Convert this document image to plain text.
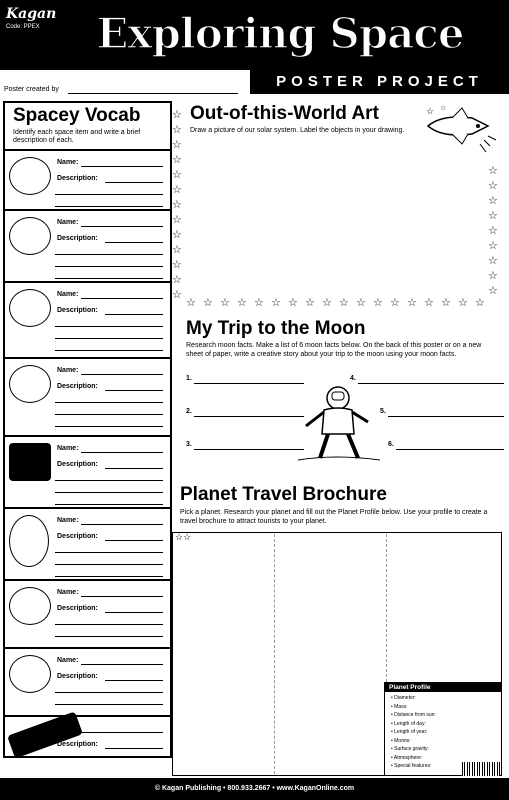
Kagan
Code: PPEX	Exploring Space
POSTER PROJECT
Poster created by
Spacey Vocab
Identify each space item and write a brief description of each.
Name:
Description:
Name:
Description:
Name:
Description:
Name:
Description:
Name:
Description:
Name:
Description:
Name:
Description:
Name:
Description:
Name:
Description:
Out-of-this-World Art
Draw a picture of our solar system. Label the objects in your drawing.
☆ ☆
☆
☆
☆
☆
☆
☆
☆
☆
☆
☆
☆
☆
☆
☆ ☆ ☆ ☆ ☆ ☆ ☆ ☆ ☆ ☆ ☆ ☆ ☆ ☆ ☆ ☆ ☆ ☆
☆
☆
☆
☆
☆
☆
☆
☆
☆
My Trip to the Moon
Research moon facts. Make a list of 6 moon facts below. On the back of this poster or on a new sheet of paper, write a creative story about your trip to the moon using your moon facts.
1.
2.
3.
4.
5.
6.
Planet Travel Brochure
Pick a planet. Research your planet and fill out the Planet Profile below. Use your profile to create a travel brochure to attract tourists to your planet.
☆☆
Planet Profile
• Diameter:
• Mass:
• Distance from sun:
• Length of day:
• Length of year:
• Moons:
• Surface gravity:
• Atmosphere:
• Special features:
© Kagan Publishing • 800.933.2667 • www.KaganOnline.com
